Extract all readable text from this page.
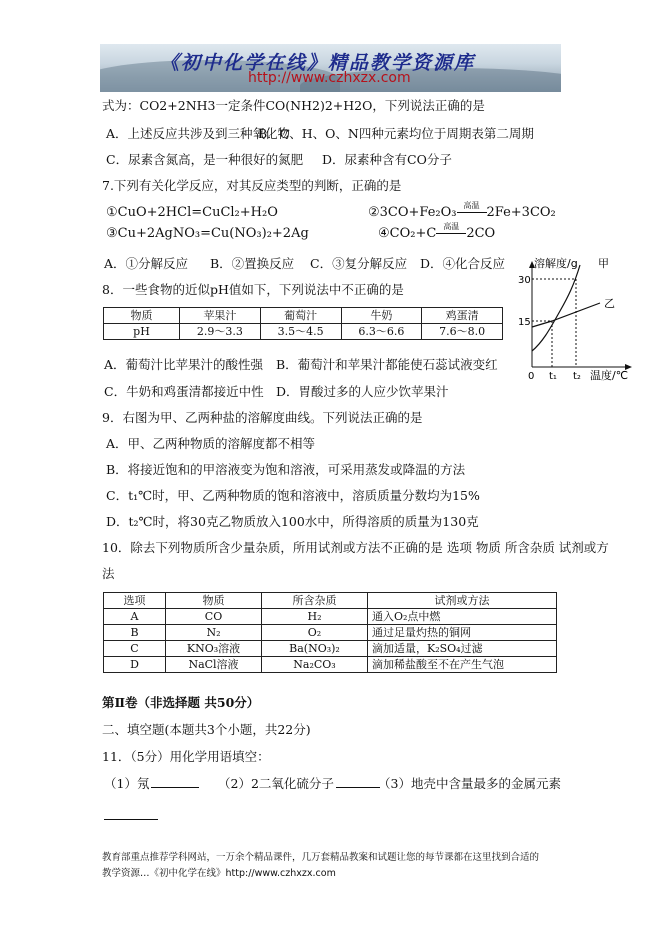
《初中化学在线》精品教学资源库
http://www.czhxzx.com
式为：CO2+2NH3一定条件CO(NH2)2+H2O，下列说法正确的是
A．上述反应共涉及到三种氧化物
B．C、H、O、N四种元素均位于周期表第二周期
C．尿素含氮高，是一种很好的氮肥 D．尿素种含有CO分子
7.下列有关化学反应，对其反应类型的判断，正确的是
①CuO+2HCl=CuCl₂+H₂O	②3CO+Fe₂O₃ 高温 2Fe+3CO₂
③Cu+2AgNO₃=Cu(NO₃)₂+2Ag	④CO₂+C 高温 2CO
A．①分解反应 B．②置换反应 C．③复分解反应 D．④化合反应
8．一些食物的近似pH值如下，下列说法中不正确的是
物质	苹果汁	葡萄汁	牛奶	鸡蛋清
pH	2.9～3.3	3.5～4.5	6.3～6.6	7.6～8.0
A．葡萄汁比苹果汁的酸性强 B．葡萄汁和苹果汁都能使石蕊试液变红
C．牛奶和鸡蛋清都接近中性 D．胃酸过多的人应少饮苹果汁
溶解度/g 甲
乙
30
15
0 t₁ t₂ 温度/℃
9．右图为甲、乙两种盐的溶解度曲线。下列说法正确的是
A．甲、乙两种物质的溶解度都不相等
B．将接近饱和的甲溶液变为饱和溶液，可采用蒸发或降温的方法
C．t₁℃时，甲、乙两种物质的饱和溶液中，溶质质量分数均为15%
D．t₂℃时，将30克乙物质放入100水中，所得溶质的质量为130克
10．除去下列物质所含少量杂质，所用试剂或方法不正确的是 选项 物质 所含杂质 试剂或方
法
选项	物质	所含杂质	试剂或方法
A	CO	H₂	通入O₂点中燃
B	N₂	O₂	通过足量灼热的铜网
C	KNO₃溶液	Ba(NO₃)₂	滴加适量，K₂SO₄过滤
D	NaCl溶液	Na₂CO₃	滴加稀盐酸至不在产生气泡
第Ⅱ卷（非选择题 共50分）
二、填空题(本题共3个小题，共22分)
11．（5分）用化学用语填空：
（1）氖	（2）2二氧化硫分子	（3）地壳中含量最多的金属元素
教育部重点推荐学科网站，一万余个精品课件，几万套精品教案和试题让您的每节课都在这里找到合适的
教学资源…《初中化学在线》http://www.czhxzx.com
